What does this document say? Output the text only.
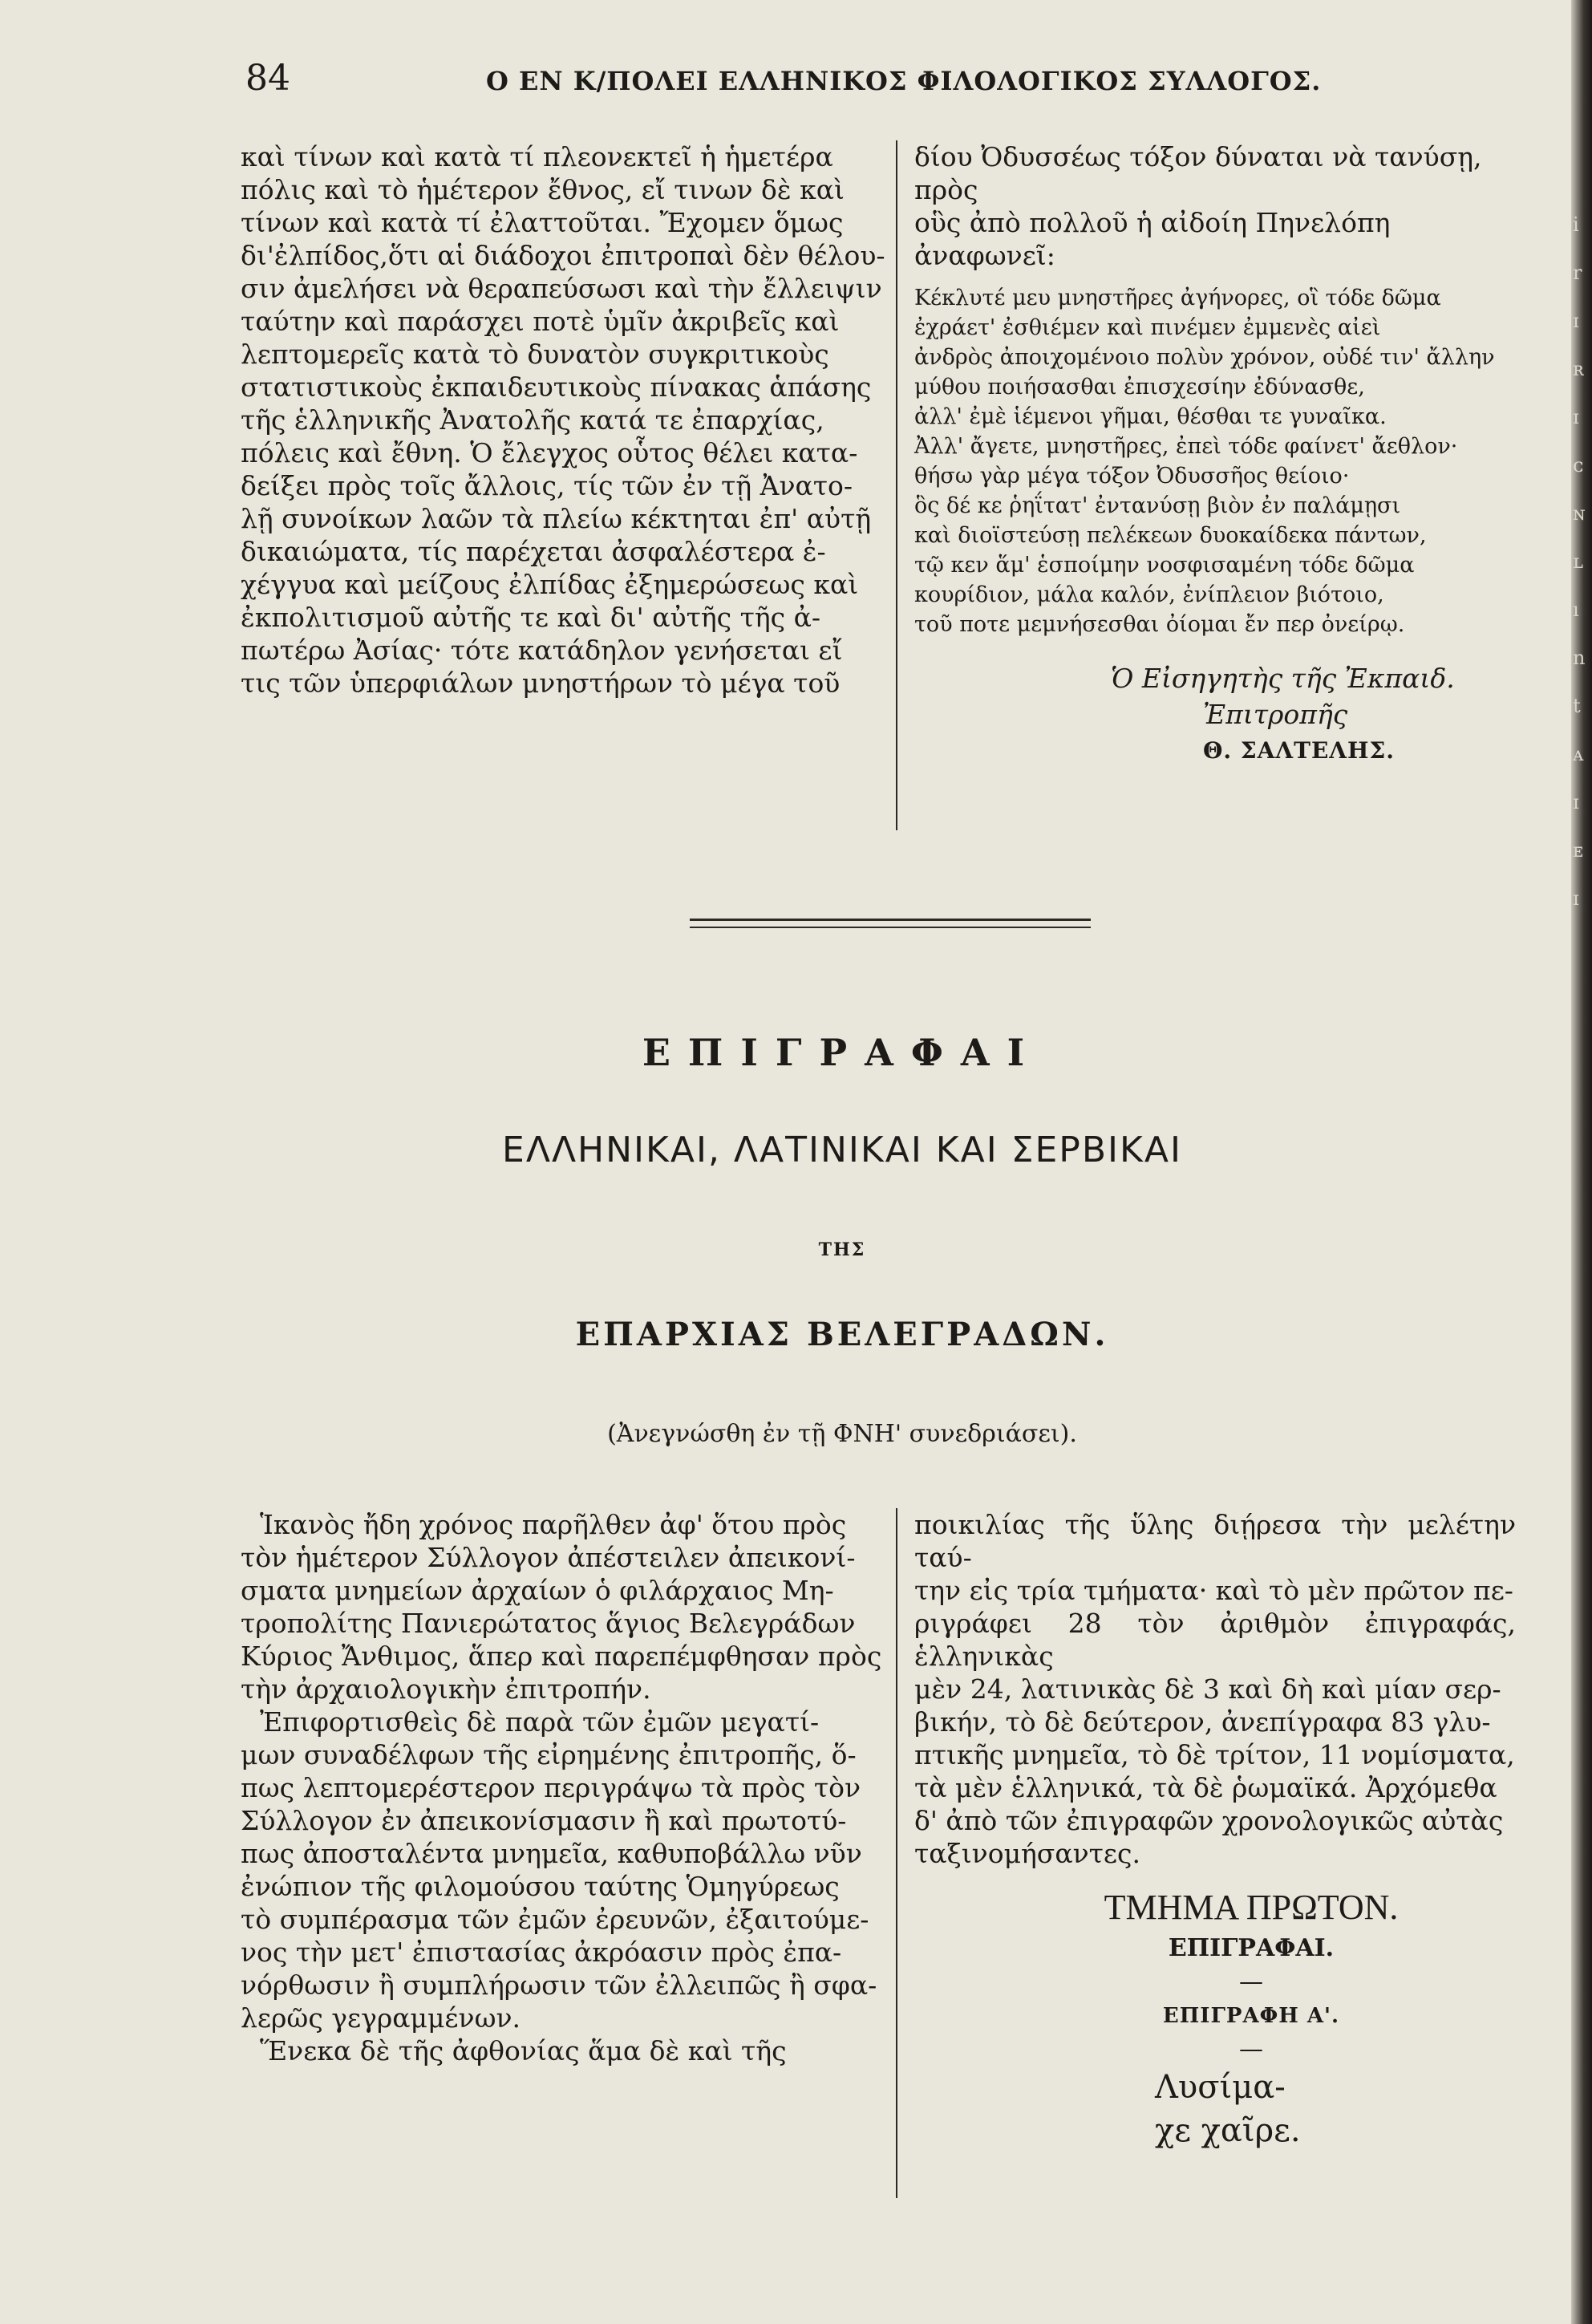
84	Ο ΕΝ Κ/ΠΟΛΕΙ ΕΛΛΗΝΙΚΟΣ ΦΙΛΟΛΟΓΙΚΟΣ ΣΥΛΛΟΓΟΣ.

καὶ τίνων καὶ κατὰ τί πλεονεκτεῖ ἡ ἡμετέρα

πόλις καὶ τὸ ἡμέτερον ἔθνος, εἴ τινων δὲ καὶ

τίνων καὶ κατὰ τί ἐλαττοῦται. Ἔχομεν ὅμως

δι'ἐλπίδος,ὅτι αἱ διάδοχοι ἐπιτροπαὶ δὲν θέλου-

σιν ἀμελήσει νὰ θεραπεύσωσι καὶ τὴν ἔλλειψιν

ταύτην καὶ παράσχει ποτὲ ὑμῖν ἀκριβεῖς καὶ

λεπτομερεῖς κατὰ τὸ δυνατὸν συγκριτικοὺς

στατιστικοὺς ἐκπαιδευτικοὺς πίνακας ἁπάσης

τῆς ἑλληνικῆς Ἀνατολῆς κατά τε ἐπαρχίας,

πόλεις καὶ ἔθνη. Ὁ ἔλεγχος οὗτος θέλει κατα-

δείξει πρὸς τοῖς ἄλλοις, τίς τῶν ἐν τῇ Ἀνατο-

λῇ συνοίκων λαῶν τὰ πλείω κέκτηται ἐπ' αὐτῇ

δικαιώματα, τίς παρέχεται ἀσφαλέστερα ἐ-

χέγγυα καὶ μείζους ἐλπίδας ἐξημερώσεως καὶ

ἐκπολιτισμοῦ αὐτῆς τε καὶ δι' αὐτῆς τῆς ἀ-

πωτέρω Ἀσίας· τότε κατάδηλον γενήσεται εἴ

τις τῶν ὑπερφιάλων μνηστήρων τὸ μέγα τοῦ

δίου Ὀδυσσέως τόξον δύναται νὰ τανύσῃ, πρὸς
οὓς ἀπὸ πολλοῦ ἡ αἰδοίη Πηνελόπη ἀναφωνεῖ:
Κέκλυτέ μευ μνηστῆρες ἀγήνορες, οἳ τόδε δῶμα
ἐχράετ' ἐσθιέμεν καὶ πινέμεν ἐμμενὲς αἰεὶ
ἀνδρὸς ἀποιχομένοιο πολὺν χρόνον, οὐδέ τιν' ἄλλην
μύθου ποιήσασθαι ἐπισχεσίην ἐδύνασθε,
ἀλλ' ἐμὲ ἱέμενοι γῆμαι, θέσθαι τε γυναῖκα.
Ἀλλ' ἄγετε, μνηστῆρες, ἐπεὶ τόδε φαίνετ' ἄεθλον·
θήσω γὰρ μέγα τόξον Ὀδυσσῆος θείοιο·
ὃς δέ κε ῥηΐτατ' ἐντανύσῃ βιὸν ἐν παλάμῃσι
καὶ διοϊστεύσῃ πελέκεων δυοκαίδεκα πάντων,
τῷ κεν ἅμ' ἑσποίμην νοσφισαμένη τόδε δῶμα
κουρίδιον, μάλα καλόν, ἐνίπλειον βιότοιο,
τοῦ ποτε μεμνήσεσθαι ὀίομαι ἔν περ ὀνείρῳ.
Ὁ Εἰσηγητὴς τῆς Ἐκπαιδ.
Ἐπιτροπῆς
Θ. ΣΑΛΤΕΛΗΣ.
ΕΠΙΓΡΑΦΑΙ
ΕΛΛΗΝΙΚΑΙ, ΛΑΤΙΝΙΚΑΙ ΚΑΙ ΣΕΡΒΙΚΑΙ
ΤΗΣ
ΕΠΑΡΧΙΑΣ ΒΕΛΕΓΡΑΔΩΝ.
(Ἀνεγνώσθη ἐν τῇ ΦΝΗ' συνεδριάσει).

Ἱκανὸς ἤδη χρόνος παρῆλθεν ἀφ' ὅτου πρὸς

τὸν ἡμέτερον Σύλλογον ἀπέστειλεν ἀπεικονί-

σματα μνημείων ἀρχαίων ὁ φιλάρχαιος Μη-

τροπολίτης Πανιερώτατος ἅγιος Βελεγράδων

Κύριος Ἄνθιμος, ἅπερ καὶ παρεπέμφθησαν πρὸς

τὴν ἀρχαιολογικὴν ἐπιτροπήν.

Ἐπιφορτισθεὶς δὲ παρὰ τῶν ἐμῶν μεγατί-

μων συναδέλφων τῆς εἰρημένης ἐπιτροπῆς, ὅ-

πως λεπτομερέστερον περιγράψω τὰ πρὸς τὸν

Σύλλογον ἐν ἀπεικονίσμασιν ἢ καὶ πρωτοτύ-

πως ἀποσταλέντα μνημεῖα, καθυποβάλλω νῦν

ἐνώπιον τῆς φιλομούσου ταύτης Ὁμηγύρεως

τὸ συμπέρασμα τῶν ἐμῶν ἐρευνῶν, ἐξαιτούμε-

νος τὴν μετ' ἐπιστασίας ἀκρόασιν πρὸς ἐπα-

νόρθωσιν ἢ συμπλήρωσιν τῶν ἐλλειπῶς ἢ σφα-

λερῶς γεγραμμένων.

Ἕνεκα δὲ τῆς ἀφθονίας ἅμα δὲ καὶ τῆς

ποικιλίας τῆς ὕλης διῄρεσα τὴν μελέτην ταύ-

την εἰς τρία τμήματα· καὶ τὸ μὲν πρῶτον πε-

ριγράφει 28 τὸν ἀριθμὸν ἐπιγραφάς, ἑλληνικὰς

μὲν 24, λατινικὰς δὲ 3 καὶ δὴ καὶ μίαν σερ-

βικήν, τὸ δὲ δεύτερον, ἀνεπίγραφα 83 γλυ-

πτικῆς μνημεῖα, τὸ δὲ τρίτον, 11 νομίσματα,

τὰ μὲν ἑλληνικά, τὰ δὲ ῥωμαϊκά. Ἀρχόμεθα

δ' ἀπὸ τῶν ἐπιγραφῶν χρονολογικῶς αὐτὰς

ταξινομήσαντες.

ΤΜΗΜΑ ΠΡΩΤΟΝ.
ΕΠΙΓΡΑΦΑΙ.
—
ΕΠΙΓΡΑΦΗ Α'.
—
Λυσίμα-
χε χαῖρε.
i
r
ɪ
ʀ
ɪ
ᴄ
ɴ
ʟ
ı
n
t
ᴀ
ɪ
ᴇ
ɪ
